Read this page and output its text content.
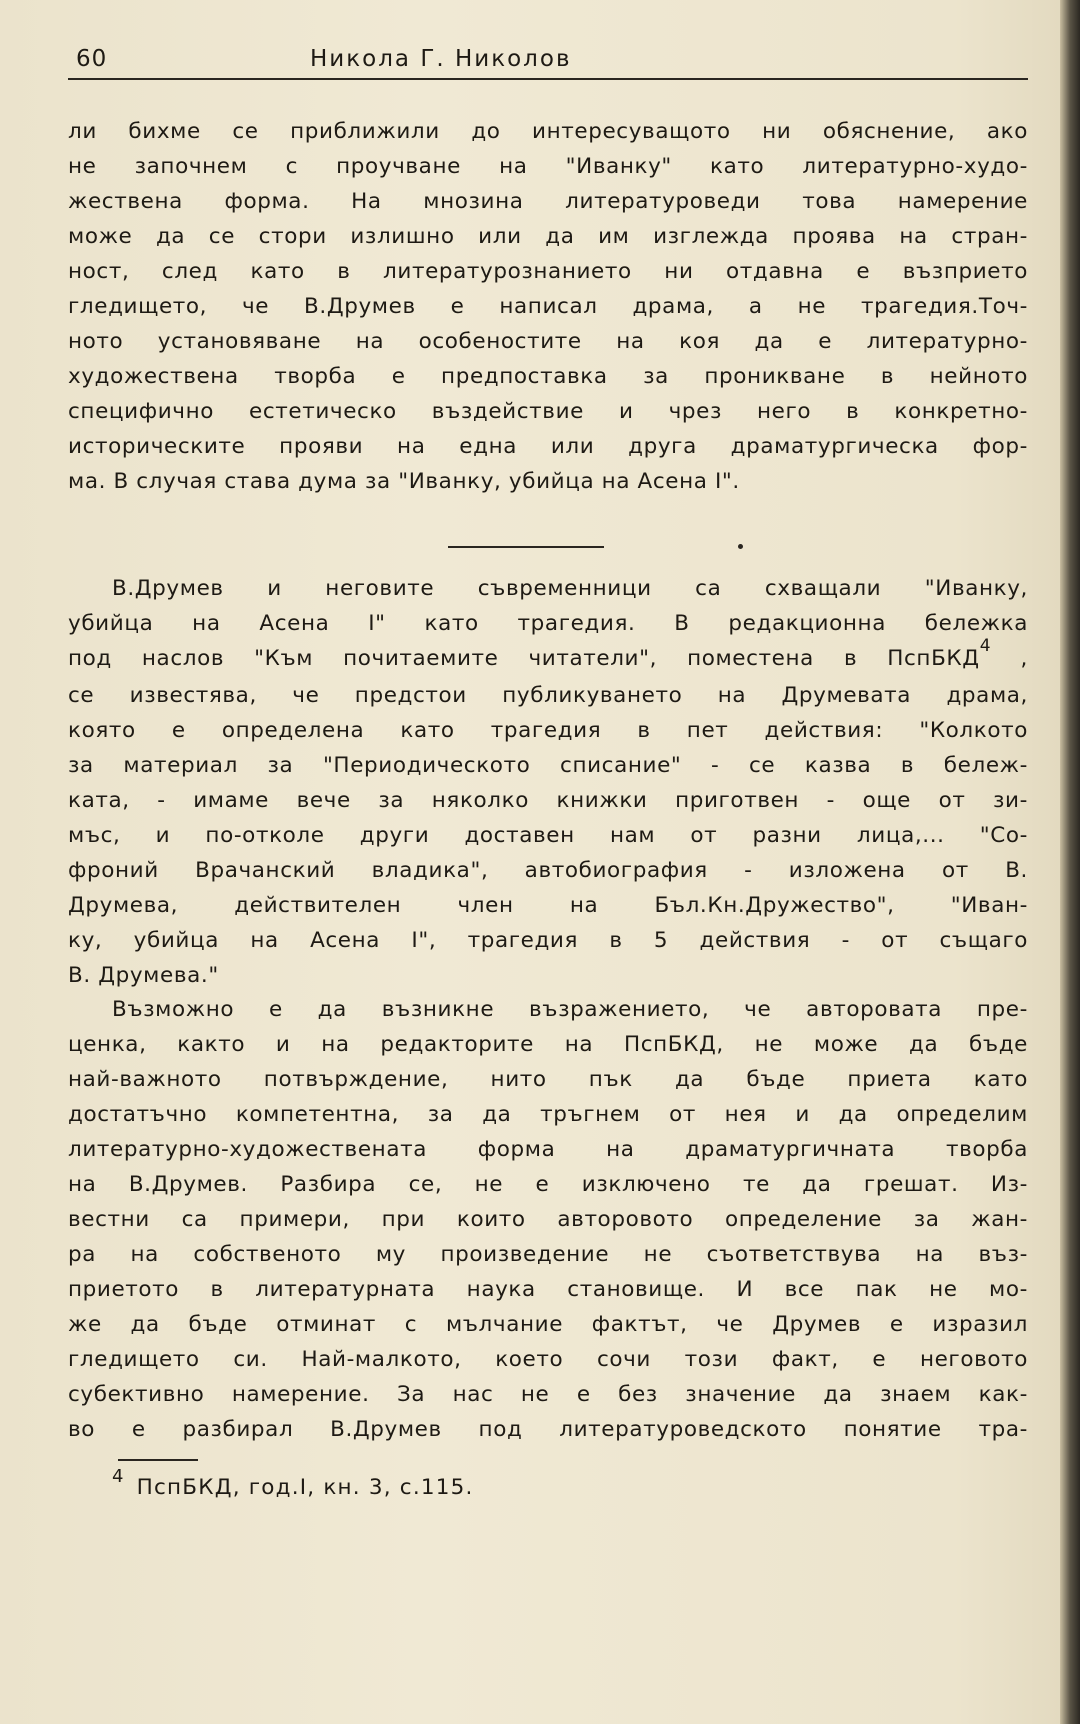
60	Никола Г. Николов
ли бихме се приближили до интересуващото ни обяснение, ако
не започнем с проучване на "Иванку" като литературно-худо-
жествена форма. На мнозина литературоведи това намерение
може да се стори излишно или да им изглежда проява на стран-
ност, след като в литературознанието ни отдавна е възприето
гледището, че В.Друмев е написал драма, а не трагедия.Точ-
ното установяване на особеностите на коя да е литературно-
художествена творба е предпоставка за проникване в нейното
специфично естетическо въздействие и чрез него в конкретно-
историческите прояви на една или друга драматургическа фор-
ма. В случая става дума за "Иванку, убийца на Асена I".
В.Друмев и неговите съвременници са схващали "Иванку,
убийца на Асена I" като трагедия. В редакционна бележка
под наслов "Към почитаемите читатели", поместена в ПспБКД$^4$ ,
се известява, че предстои публикуването на Друмевата драма,
която е определена като трагедия в пет действия: "Колкото
за материал за "Периодическото списание" - се казва в бележ-
ката, - имаме вече за няколко книжки приготвен - още от зи-
мъс, и по-отколе други доставен нам от разни лица,... "Со-
фроний Врачанский владика", автобиография - изложена от В.
Друмева, действителен член на Бъл.Кн.Дружество", "Иван-
ку, убийца на Асена I", трагедия в 5 действия - от същаго
В. Друмева."
Възможно е да възникне възражението, че авторовата пре-
ценка, както и на редакторите на ПспБКД, не може да бъде
най-важното потвърждение, нито пък да бъде приета като
достатъчно компетентна, за да тръгнем от нея и да определим
литературно-художествената форма на драматургичната творба
на В.Друмев. Разбира се, не е изключено те да грешат. Из-
вестни са примери, при които авторовото определение за жан-
ра на собственото му произведение не съответствува на въз-
приетото в литературната наука становище. И все пак не мо-
же да бъде отминат с мълчание фактът, че Друмев е изразил
гледището си. Най-малкото, което сочи този факт, е неговото
субективно намерение. За нас не е без значение да знаем как-
во е разбирал В.Друмев под литературоведското понятие тра-
$^4$ ПспБКД, год.I, кн. 3, с.115.
